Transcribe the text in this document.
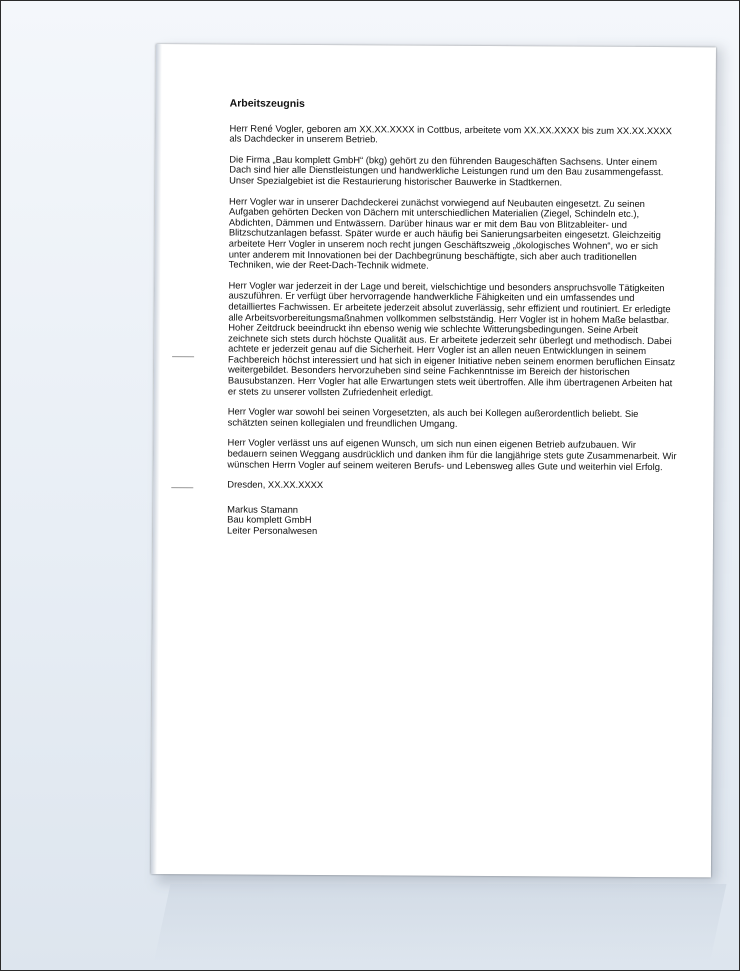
Arbeitszeugnis

Herr René Vogler, geboren am XX.XX.XXXX in Cottbus, arbeitete vom XX.XX.XXXX bis zum XX.XX.XXXX als Dachdecker in unserem Betrieb.

Die Firma „Bau komplett GmbH“ (bkg) gehört zu den führenden Baugeschäften Sachsens. Unter einem Dach sind hier alle Dienstleistungen und handwerkliche Leistungen rund um den Bau zusammengefasst. Unser Spezialgebiet ist die Restaurierung historischer Bauwerke in Stadtkernen.

Herr Vogler war in unserer Dachdeckerei zunächst vorwiegend auf Neubauten eingesetzt. Zu seinen Aufgaben gehörten Decken von Dächern mit unterschiedlichen Materialien (Ziegel, Schindeln etc.), Abdichten, Dämmen und Entwässern. Darüber hinaus war er mit dem Bau von Blitzableiter- und Blitzschutzanlagen befasst. Später wurde er auch häufig bei Sanierungsarbeiten eingesetzt. Gleichzeitig arbeitete Herr Vogler in unserem noch recht jungen Geschäftszweig „ökologisches Wohnen“, wo er sich unter anderem mit Innovationen bei der Dachbegrünung beschäftigte, sich aber auch traditionellen Techniken, wie der Reet-Dach-Technik widmete.

Herr Vogler war jederzeit in der Lage und bereit, vielschichtige und besonders anspruchsvolle Tätigkeiten auszuführen. Er verfügt über hervorragende handwerkliche Fähigkeiten und ein umfassendes und detailliertes Fachwissen. Er arbeitete jederzeit absolut zuverlässig, sehr effizient und routiniert. Er erledigte alle Arbeitsvorbereitungsmaßnahmen vollkommen selbstständig. Herr Vogler ist in hohem Maße belastbar. Hoher Zeitdruck beeindruckt ihn ebenso wenig wie schlechte Witterungsbedingungen. Seine Arbeit zeichnete sich stets durch höchste Qualität aus. Er arbeitete jederzeit sehr überlegt und methodisch. Dabei achtete er jederzeit genau auf die Sicherheit. Herr Vogler ist an allen neuen Entwicklungen in seinem Fachbereich höchst interessiert und hat sich in eigener Initiative neben seinem enormen beruflichen Einsatz weitergebildet. Besonders hervorzuheben sind seine Fachkenntnisse im Bereich der historischen Bausubstanzen. Herr Vogler hat alle Erwartungen stets weit übertroffen. Alle ihm übertragenen Arbeiten hat er stets zu unserer vollsten Zufriedenheit erledigt.

Herr Vogler war sowohl bei seinen Vorgesetzten, als auch bei Kollegen außerordentlich beliebt. Sie schätzten seinen kollegialen und freundlichen Umgang.

Herr Vogler verlässt uns auf eigenen Wunsch, um sich nun einen eigenen Betrieb aufzubauen. Wir bedauern seinen Weggang ausdrücklich und danken ihm für die langjährige stets gute Zusammenarbeit. Wir wünschen Herrn Vogler auf seinem weiteren Berufs- und Lebensweg alles Gute und weiterhin viel Erfolg.

Dresden, XX.XX.XXXX

Markus Stamann

Bau komplett GmbH

Leiter Personalwesen
